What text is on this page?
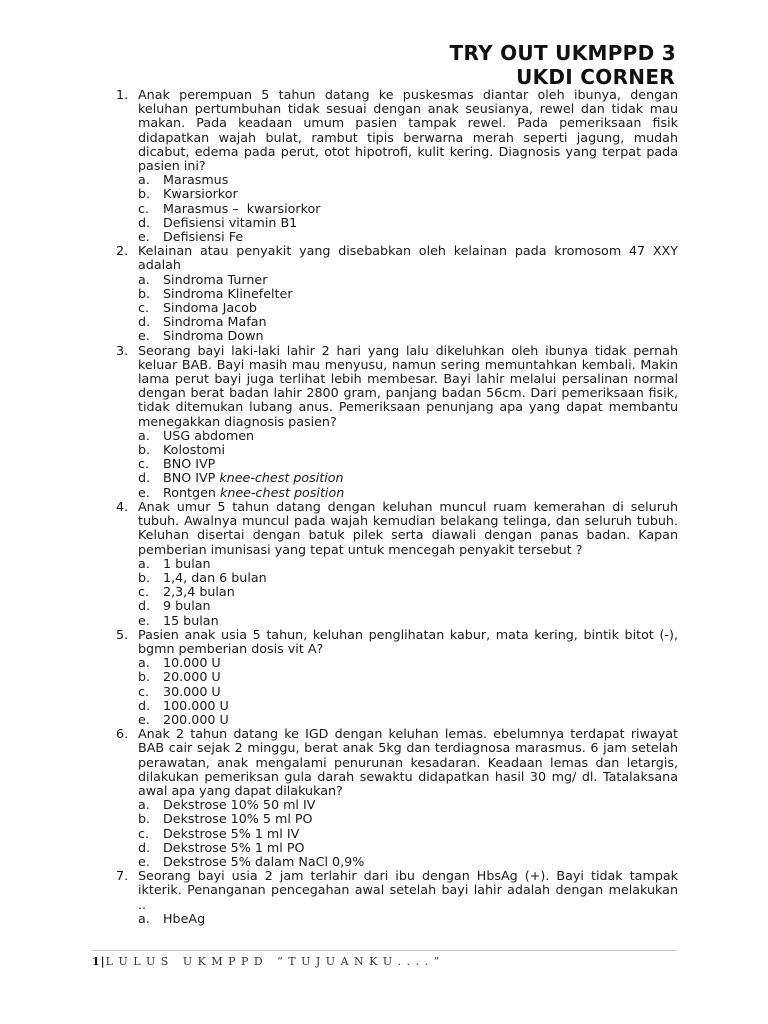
TRY OUT UKMPPD 3
UKDI CORNER
1. Anak perempuan 5 tahun datang ke puskesmas diantar oleh ibunya, dengan keluhan pertumbuhan tidak sesuai dengan anak seusianya, rewel dan tidak mau makan. Pada keadaan umum pasien tampak rewel. Pada pemeriksaan fisik didapatkan wajah bulat, rambut tipis berwarna merah seperti jagung, mudah dicabut, edema pada perut, otot hipotrofi, kulit kering. Diagnosis yang terpat pada pasien ini?
a. Marasmus
b. Kwarsiorkor
c. Marasmus –  kwarsiorkor
d. Defisiensi vitamin B1
e. Defisiensi Fe
2. Kelainan atau penyakit yang disebabkan oleh kelainan pada kromosom 47 XXY adalah
a. Sindroma Turner
b. Sindroma Klinefelter
c. Sindoma Jacob
d. Sindroma Mafan
e. Sindroma Down
3. Seorang bayi laki-laki lahir 2 hari yang lalu dikeluhkan oleh ibunya tidak pernah keluar BAB. Bayi masih mau menyusu, namun sering memuntahkan kembali. Makin lama perut bayi juga terlihat lebih membesar. Bayi lahir melalui persalinan normal dengan berat badan lahir 2800 gram, panjang badan 56cm. Dari pemeriksaan fisik, tidak ditemukan lubang anus. Pemeriksaan penunjang apa yang dapat membantu menegakkan diagnosis pasien?
a. USG abdomen
b. Kolostomi
c. BNO IVP
d. BNO IVP knee-chest position
e. Rontgen knee-chest position
4. Anak umur 5 tahun datang dengan keluhan muncul ruam kemerahan di seluruh tubuh. Awalnya muncul pada wajah kemudian belakang telinga, dan seluruh tubuh. Keluhan disertai dengan batuk pilek serta diawali dengan panas badan. Kapan pemberian imunisasi yang tepat untuk mencegah penyakit tersebut ?
a. 1 bulan
b. 1,4, dan 6 bulan
c. 2,3,4 bulan
d. 9 bulan
e. 15 bulan
5. Pasien anak usia 5 tahun, keluhan penglihatan kabur, mata kering, bintik bitot (-), bgmn pemberian dosis vit A?
a. 10.000 U
b. 20.000 U
c. 30.000 U
d. 100.000 U
e. 200.000 U
6. Anak 2 tahun datang ke IGD dengan keluhan lemas. ebelumnya terdapat riwayat BAB cair sejak 2 minggu, berat anak 5kg dan terdiagnosa marasmus. 6 jam setelah perawatan, anak mengalami penurunan kesadaran. Keadaan lemas dan letargis, dilakukan pemeriksan gula darah sewaktu didapatkan hasil 30 mg/ dl. Tatalaksana awal apa yang dapat dilakukan?
a. Dekstrose 10% 50 ml IV
b. Dekstrose 10% 5 ml PO
c. Dekstrose 5% 1 ml IV
d. Dekstrose 5% 1 ml PO
e. Dekstrose 5% dalam NaCl 0,9%
7. Seorang bayi usia 2 jam terlahir dari ibu dengan HbsAg (+). Bayi tidak tampak ikterik. Penanganan pencegahan awal setelah bayi lahir adalah dengan melakukan ..
a. HbeAg
1|L U L U S   U K M P P D   “ T U J U A N K U . . . . ”
